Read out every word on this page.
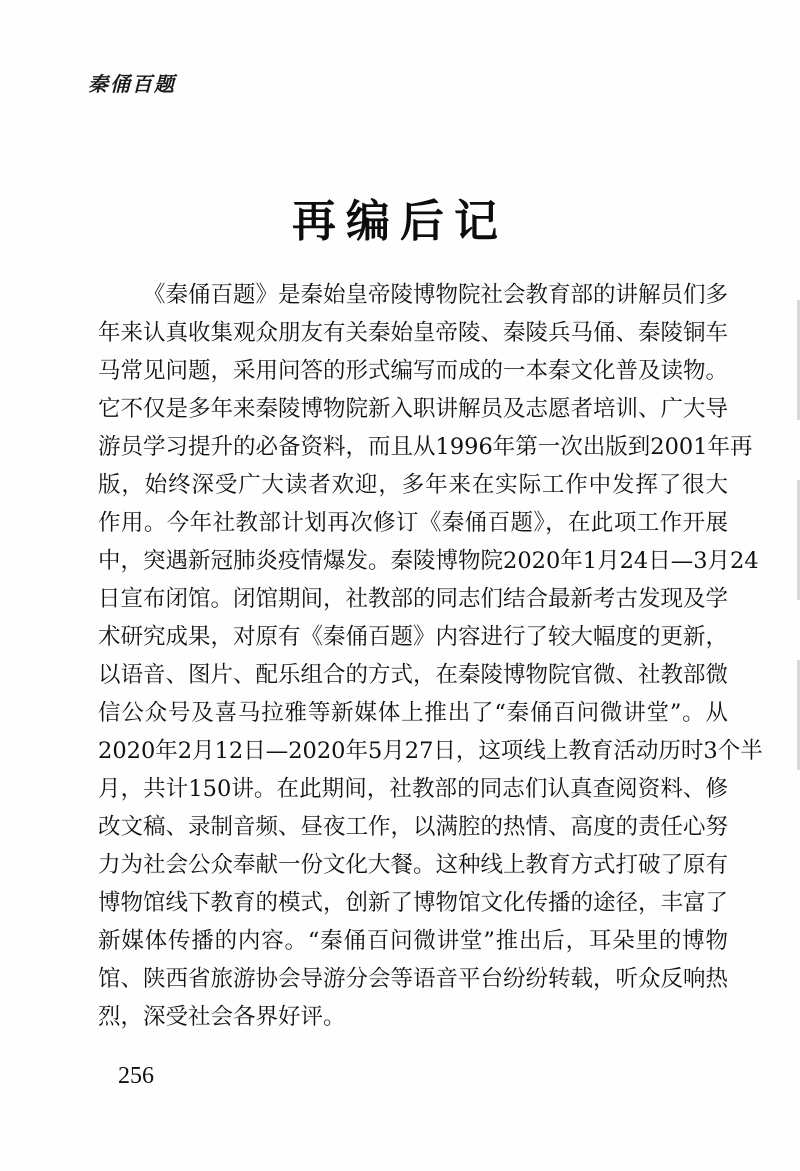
秦俑百题
再编后记
《秦俑百题》是秦始皇帝陵博物院社会教育部的讲解员们多
年来认真收集观众朋友有关秦始皇帝陵、秦陵兵马俑、秦陵铜车
马常见问题，采用问答的形式编写而成的一本秦文化普及读物。
它不仅是多年来秦陵博物院新入职讲解员及志愿者培训、广大导
游员学习提升的必备资料，而且从1996年第一次出版到2001年再
版，始终深受广大读者欢迎，多年来在实际工作中发挥了很大
作用。今年社教部计划再次修订《秦俑百题》，在此项工作开展
中，突遇新冠肺炎疫情爆发。秦陵博物院2020年1月24日—3月24
日宣布闭馆。闭馆期间，社教部的同志们结合最新考古发现及学
术研究成果，对原有《秦俑百题》内容进行了较大幅度的更新，
以语音、图片、配乐组合的方式，在秦陵博物院官微、社教部微
信公众号及喜马拉雅等新媒体上推出了“秦俑百问微讲堂”。从
2020年2月12日—2020年5月27日，这项线上教育活动历时3个半
月，共计150讲。在此期间，社教部的同志们认真查阅资料、修
改文稿、录制音频、昼夜工作，以满腔的热情、高度的责任心努
力为社会公众奉献一份文化大餐。这种线上教育方式打破了原有
博物馆线下教育的模式，创新了博物馆文化传播的途径，丰富了
新媒体传播的内容。“秦俑百问微讲堂”推出后，耳朵里的博物
馆、陕西省旅游协会导游分会等语音平台纷纷转载，听众反响热
烈，深受社会各界好评。
256
